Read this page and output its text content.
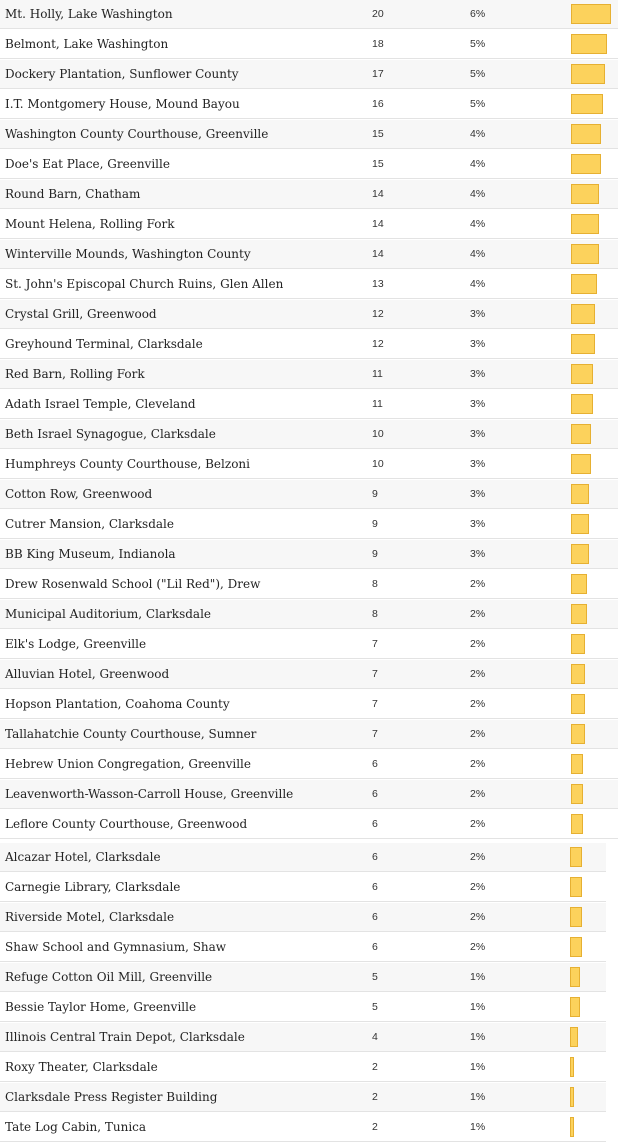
Mt. Holly, Lake Washington	20	6%
Belmont, Lake Washington	18	5%
Dockery Plantation, Sunflower County	17	5%
I.T. Montgomery House, Mound Bayou	16	5%
Washington County Courthouse, Greenville	15	4%
Doe's Eat Place, Greenville	15	4%
Round Barn, Chatham	14	4%
Mount Helena, Rolling Fork	14	4%
Winterville Mounds, Washington County	14	4%
St. John's Episcopal Church Ruins, Glen Allen	13	4%
Crystal Grill, Greenwood	12	3%
Greyhound Terminal, Clarksdale	12	3%
Red Barn, Rolling Fork	11	3%
Adath Israel Temple, Cleveland	11	3%
Beth Israel Synagogue, Clarksdale	10	3%
Humphreys County Courthouse, Belzoni	10	3%
Cotton Row, Greenwood	9	3%
Cutrer Mansion, Clarksdale	9	3%
BB King Museum, Indianola	9	3%
Drew Rosenwald School ("Lil Red"), Drew	8	2%
Municipal Auditorium, Clarksdale	8	2%
Elk's Lodge, Greenville	7	2%
Alluvian Hotel, Greenwood	7	2%
Hopson Plantation, Coahoma County	7	2%
Tallahatchie County Courthouse, Sumner	7	2%
Hebrew Union Congregation, Greenville	6	2%
Leavenworth-Wasson-Carroll House, Greenville	6	2%
Leflore County Courthouse, Greenwood	6	2%
Alcazar Hotel, Clarksdale	6	2%
Carnegie Library, Clarksdale	6	2%
Riverside Motel, Clarksdale	6	2%
Shaw School and Gymnasium, Shaw	6	2%
Refuge Cotton Oil Mill, Greenville	5	1%
Bessie Taylor Home, Greenville	5	1%
Illinois Central Train Depot, Clarksdale	4	1%
Roxy Theater, Clarksdale	2	1%
Clarksdale Press Register Building	2	1%
Tate Log Cabin, Tunica	2	1%
